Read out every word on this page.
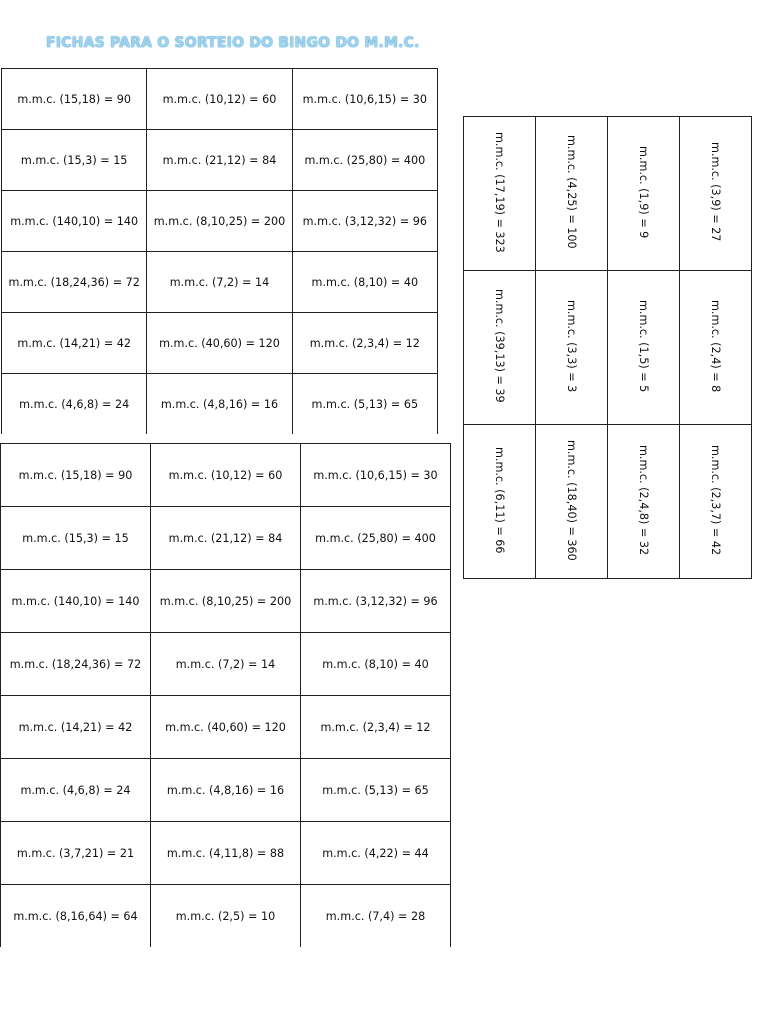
FICHAS PARA O SORTEIO DO BINGO DO M.M.C.
m.m.c. (15,18) = 90	m.m.c. (10,12) = 60	m.m.c. (10,6,15) = 30
m.m.c. (15,3) = 15	m.m.c. (21,12) = 84	m.m.c. (25,80) = 400
m.m.c. (140,10) = 140	m.m.c. (8,10,25) = 200	m.m.c. (3,12,32) = 96
m.m.c. (18,24,36) = 72	m.m.c. (7,2) = 14	m.m.c. (8,10) = 40
m.m.c. (14,21) = 42	m.m.c. (40,60) = 120	m.m.c. (2,3,4) = 12
m.m.c. (4,6,8) = 24	m.m.c. (4,8,16) = 16	m.m.c. (5,13) = 65
m.m.c. (15,18) = 90	m.m.c. (10,12) = 60	m.m.c. (10,6,15) = 30
m.m.c. (15,3) = 15	m.m.c. (21,12) = 84	m.m.c. (25,80) = 400
m.m.c. (140,10) = 140	m.m.c. (8,10,25) = 200	m.m.c. (3,12,32) = 96
m.m.c. (18,24,36) = 72	m.m.c. (7,2) = 14	m.m.c. (8,10) = 40
m.m.c. (14,21) = 42	m.m.c. (40,60) = 120	m.m.c. (2,3,4) = 12
m.m.c. (4,6,8) = 24	m.m.c. (4,8,16) = 16	m.m.c. (5,13) = 65
m.m.c. (3,7,21) = 21	m.m.c. (4,11,8) = 88	m.m.c. (4,22) = 44
m.m.c. (8,16,64) = 64	m.m.c. (2,5) = 10	m.m.c. (7,4) = 28
m.m.c. (17,19) = 323	m.m.c. (4,25) = 100	m.m.c. (1,9) = 9	m.m.c. (3,9) = 27
m.m.c. (39,13) = 39	m.m.c. (3,3) = 3	m.m.c. (1,5) = 5	m.m.c. (2,4) = 8
m.m.c. (6,11) = 66	m.m.c. (18,40) = 360	m.m.c. (2,4,8) = 32	m.m.c. (2,3,7) = 42
